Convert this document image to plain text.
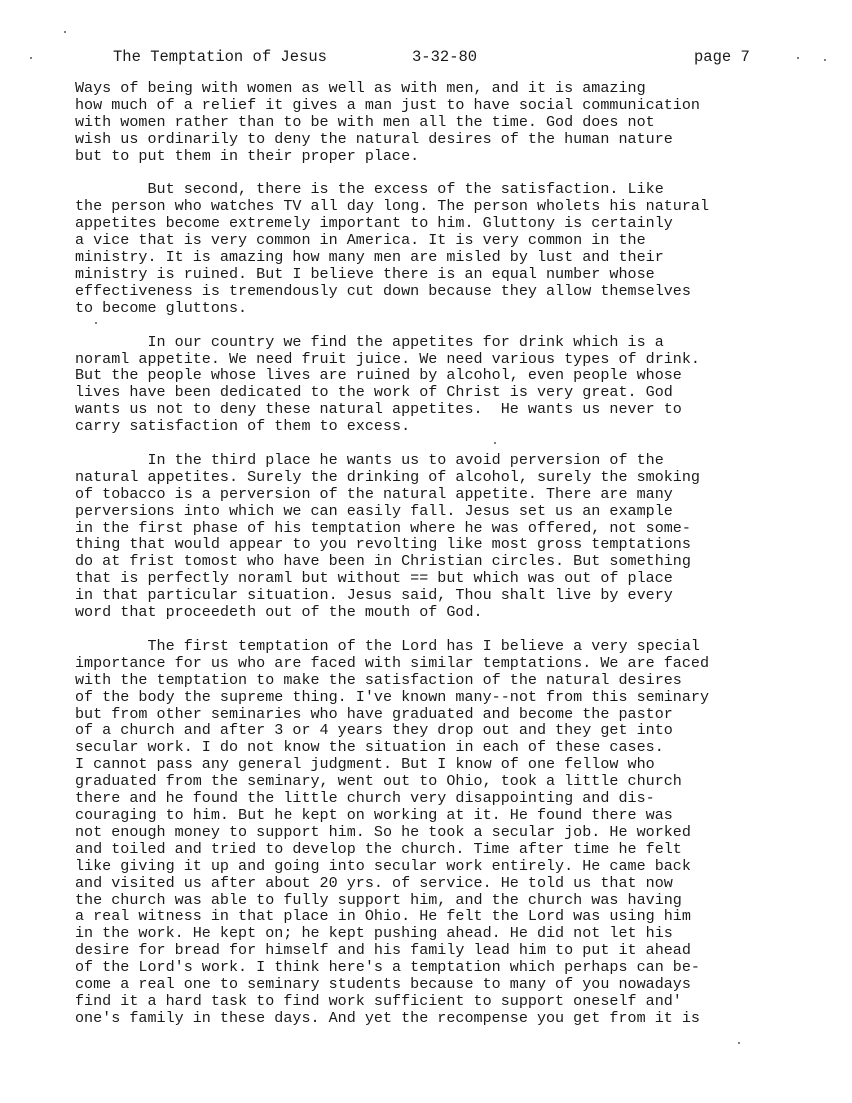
The Temptation of Jesus	3-32-80	page 7
Ways of being with women as well as with men, and it is amazing
how much of a relief it gives a man just to have social communication
with women rather than to be with men all the time. God does not
wish us ordinarily to deny the natural desires of the human nature
but to put them in their proper place.
But second, there is the excess of the satisfaction. Like
the person who watches TV all day long. The person wholets his natural
appetites become extremely important to him. Gluttony is certainly
a vice that is very common in America. It is very common in the
ministry. It is amazing how many men are misled by lust and their
ministry is ruined. But I believe there is an equal number whose
effectiveness is tremendously cut down because they allow themselves
to become gluttons.
In our country we find the appetites for drink which is a
noraml appetite. We need fruit juice. We need various types of drink.
But the people whose lives are ruined by alcohol, even people whose
lives have been dedicated to the work of Christ is very great. God
wants us not to deny these natural appetites.  He wants us never to
carry satisfaction of them to excess.
In the third place he wants us to avoid perversion of the
natural appetites. Surely the drinking of alcohol, surely the smoking
of tobacco is a perversion of the natural appetite. There are many
perversions into which we can easily fall. Jesus set us an example
in the first phase of his temptation where he was offered, not some-
thing that would appear to you revolting like most gross temptations
do at frist tomost who have been in Christian circles. But something
that is perfectly noraml but without == but which was out of place
in that particular situation. Jesus said, Thou shalt live by every
word that proceedeth out of the mouth of God.
The first temptation of the Lord has I believe a very special
importance for us who are faced with similar temptations. We are faced
with the temptation to make the satisfaction of the natural desires
of the body the supreme thing. I've known many--not from this seminary
but from other seminaries who have graduated and become the pastor
of a church and after 3 or 4 years they drop out and they get into
secular work. I do not know the situation in each of these cases.
I cannot pass any general judgment. But I know of one fellow who
graduated from the seminary, went out to Ohio, took a little church
there and he found the little church very disappointing and dis-
couraging to him. But he kept on working at it. He found there was
not enough money to support him. So he took a secular job. He worked
and toiled and tried to develop the church. Time after time he felt
like giving it up and going into secular work entirely. He came back
and visited us after about 20 yrs. of service. He told us that now
the church was able to fully support him, and the church was having
a real witness in that place in Ohio. He felt the Lord was using him
in the work. He kept on; he kept pushing ahead. He did not let his
desire for bread for himself and his family lead him to put it ahead
of the Lord's work. I think here's a temptation which perhaps can be-
come a real one to seminary students because to many of you nowadays
find it a hard task to find work sufficient to support oneself and'
one's family in these days. And yet the recompense you get from it is
